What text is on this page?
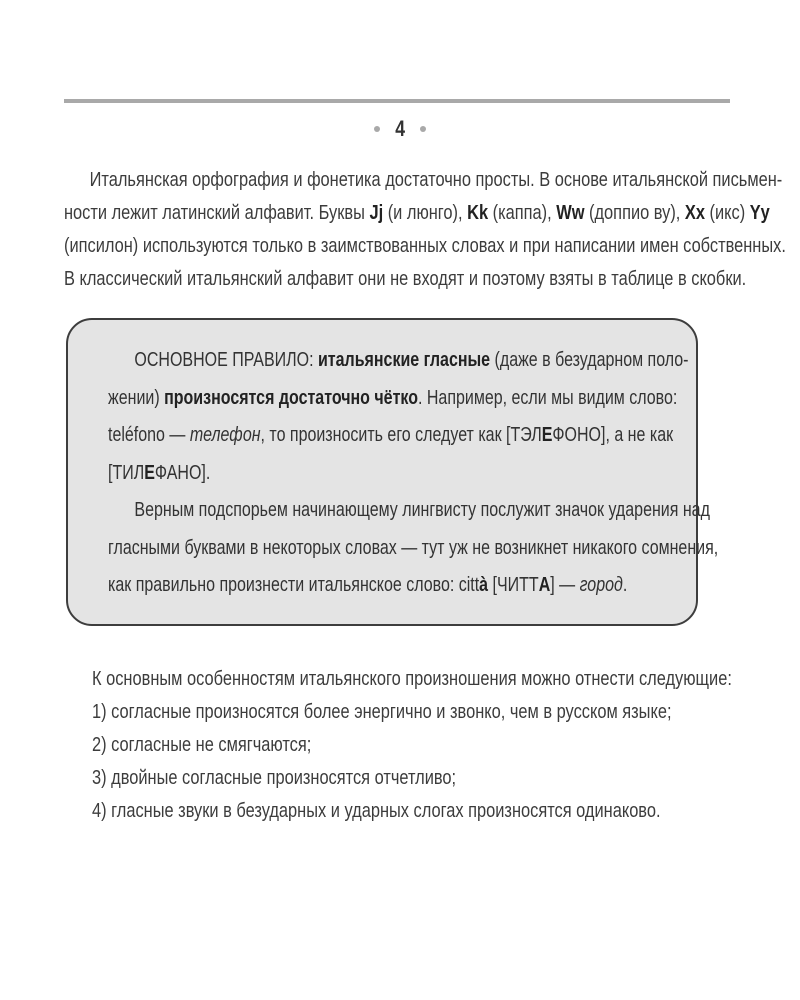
4
Итальянская орфография и фонетика достаточно просты. В основе итальянской письмен-
ности лежит латинский алфавит. Буквы Jj (и люнго), Kk (каппа), Ww (доппио ву), Xx (икс) Yy
(ипсилон) используются только в заимствованных словах и при написании имен собственных.
В классический итальянский алфавит они не входят и поэтому взяты в таблице в скобки.
ОСНОВНОЕ ПРАВИЛО: итальянские гласные (даже в безударном поло-
жении) произносятся достаточно чётко. Например, если мы видим слово:
teléfono — телефон, то произносить его следует как [ТЭЛЕФОНО], а не как
[ТИЛЕФАНО].
Верным подспорьем начинающему лингвисту послужит значок ударения над
гласными буквами в некоторых словах — тут уж не возникнет никакого сомнения,
как правильно произнести итальянское слово: città [ЧИТТА] — город.
К основным особенностям итальянского произношения можно отнести следующие:
1) согласные произносятся более энергично и звонко, чем в русском языке;
2) согласные не смягчаются;
3) двойные согласные произносятся отчетливо;
4) гласные звуки в безударных и ударных слогах произносятся одинаково.
